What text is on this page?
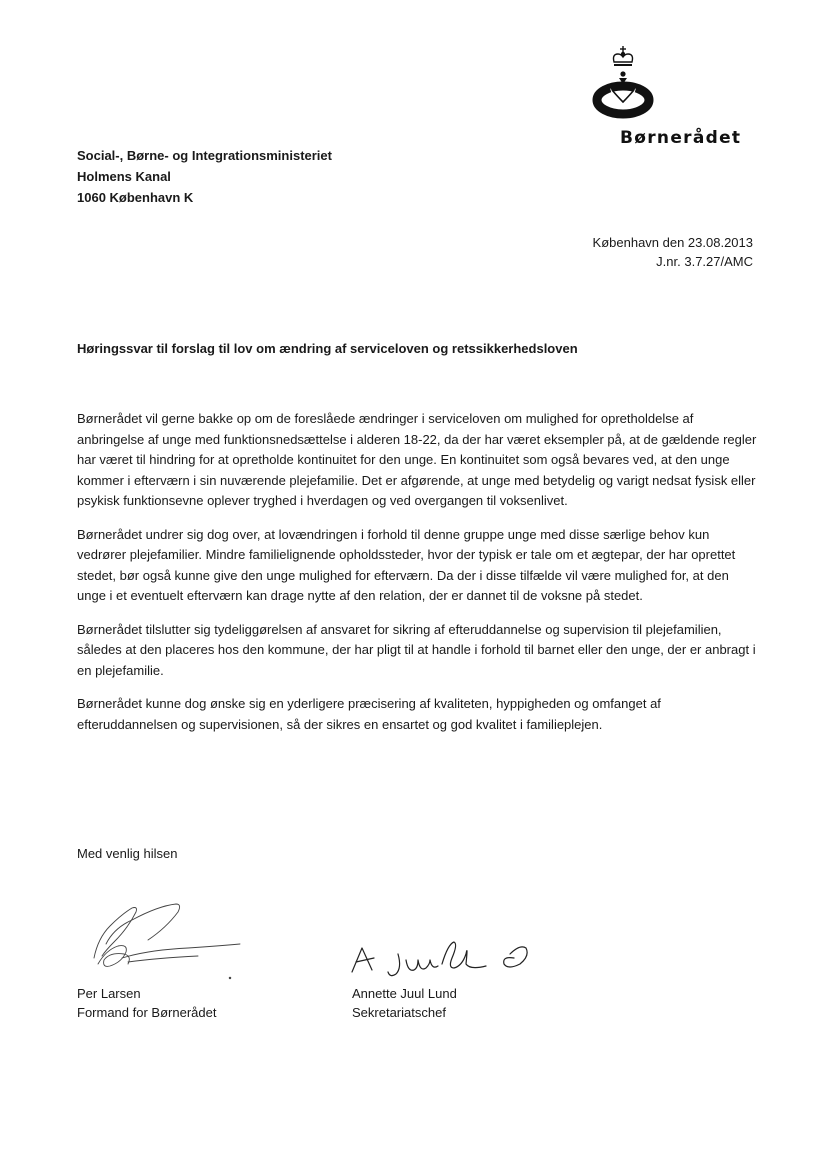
Børnerådet
Social-, Børne- og Integrationsministeriet
Holmens Kanal
1060 København K
København den 23.08.2013
J.nr. 3.7.27/AMC
Høringssvar til forslag til lov om ændring af serviceloven og retssikkerhedsloven

Børnerådet vil gerne bakke op om de foreslåede ændringer i serviceloven om mulighed for opretholdelse af anbringelse af unge med funktionsnedsættelse i alderen 18-22, da der har været eksempler på, at de gældende regler har været til hindring for at opretholde kontinuitet for den unge. En kontinuitet som også bevares ved, at den unge kommer i efterværn i sin nuværende plejefamilie. Det er afgørende, at unge med betydelig og varigt nedsat fysisk eller psykisk funktionsevne oplever tryghed i hverdagen og ved overgangen til voksenlivet.

Børnerådet undrer sig dog over, at lovændringen i forhold til denne gruppe unge med disse særlige behov kun vedrører plejefamilier. Mindre familielignende opholdssteder, hvor der typisk er tale om et ægtepar, der har oprettet stedet, bør også kunne give den unge mulighed for efterværn. Da der i disse tilfælde vil være mulighed for, at den unge i et eventuelt efterværn kan drage nytte af den relation, der er dannet til de voksne på stedet.

Børnerådet tilslutter sig tydeliggørelsen af ansvaret for sikring af efteruddannelse og supervision til plejefamilien, således at den placeres hos den kommune, der har pligt til at handle i forhold til barnet eller den unge, der er anbragt i en plejefamilie.

Børnerådet kunne dog ønske sig en yderligere præcisering af kvaliteten, hyppigheden og omfanget af efteruddannelsen og supervisionen, så der sikres en ensartet og god kvalitet i familieplejen.

Med venlig hilsen
Per Larsen
Formand for Børnerådet
Annette Juul Lund
Sekretariatschef
